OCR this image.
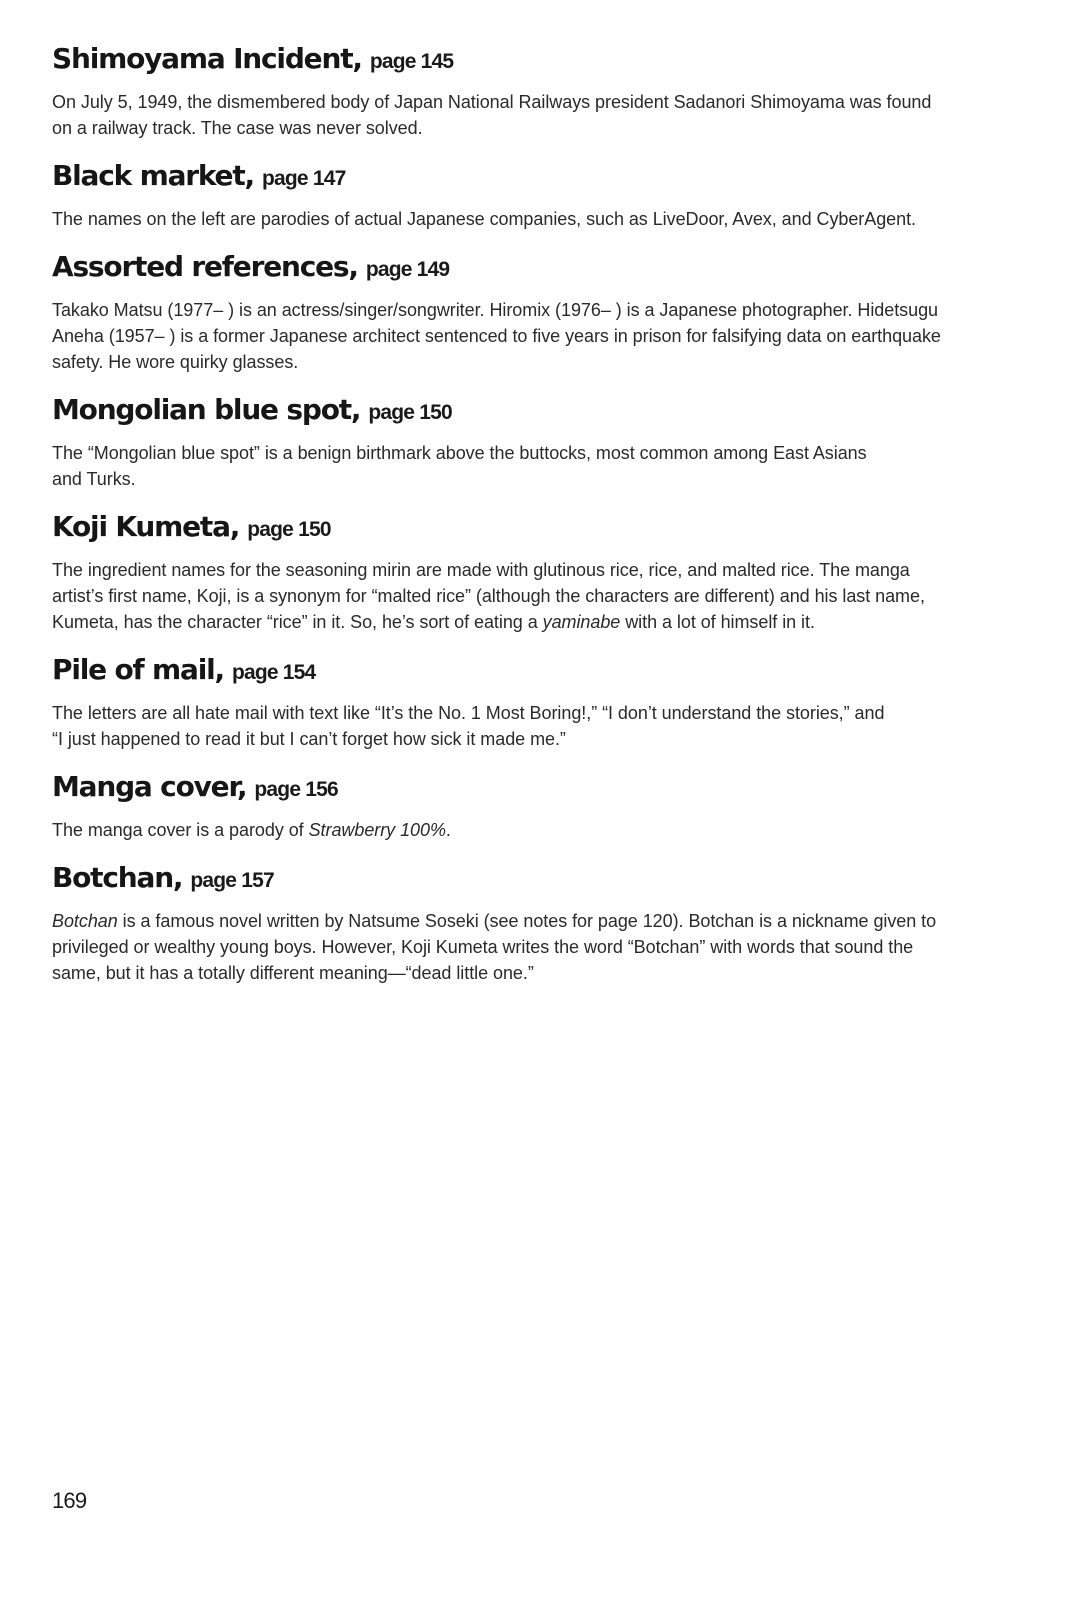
Shimoyama Incident, page 145

On July 5, 1949, the dismembered body of Japan National Railways president Sadanori Shimoyama was found
on a railway track. The case was never solved.

Black market, page 147

The names on the left are parodies of actual Japanese companies, such as LiveDoor, Avex, and CyberAgent.

Assorted references, page 149

Takako Matsu (1977– ) is an actress/singer/songwriter. Hiromix (1976– ) is a Japanese photographer. Hidetsugu
Aneha (1957– ) is a former Japanese architect sentenced to five years in prison for falsifying data on earthquake
safety. He wore quirky glasses.

Mongolian blue spot, page 150

The “Mongolian blue spot” is a benign birthmark above the buttocks, most common among East Asians
and Turks.

Koji Kumeta, page 150

The ingredient names for the seasoning mirin are made with glutinous rice, rice, and malted rice. The manga
artist’s first name, Koji, is a synonym for “malted rice” (although the characters are different) and his last name,
Kumeta, has the character “rice” in it. So, he’s sort of eating a yaminabe with a lot of himself in it.

Pile of mail, page 154

The letters are all hate mail with text like “It’s the No. 1 Most Boring!,” “I don’t understand the stories,” and
“I just happened to read it but I can’t forget how sick it made me.”

Manga cover, page 156

The manga cover is a parody of Strawberry 100%.

Botchan, page 157

Botchan is a famous novel written by Natsume Soseki (see notes for page 120). Botchan is a nickname given to
privileged or wealthy young boys. However, Koji Kumeta writes the word “Botchan” with words that sound the
same, but it has a totally different meaning—“dead little one.”

169
